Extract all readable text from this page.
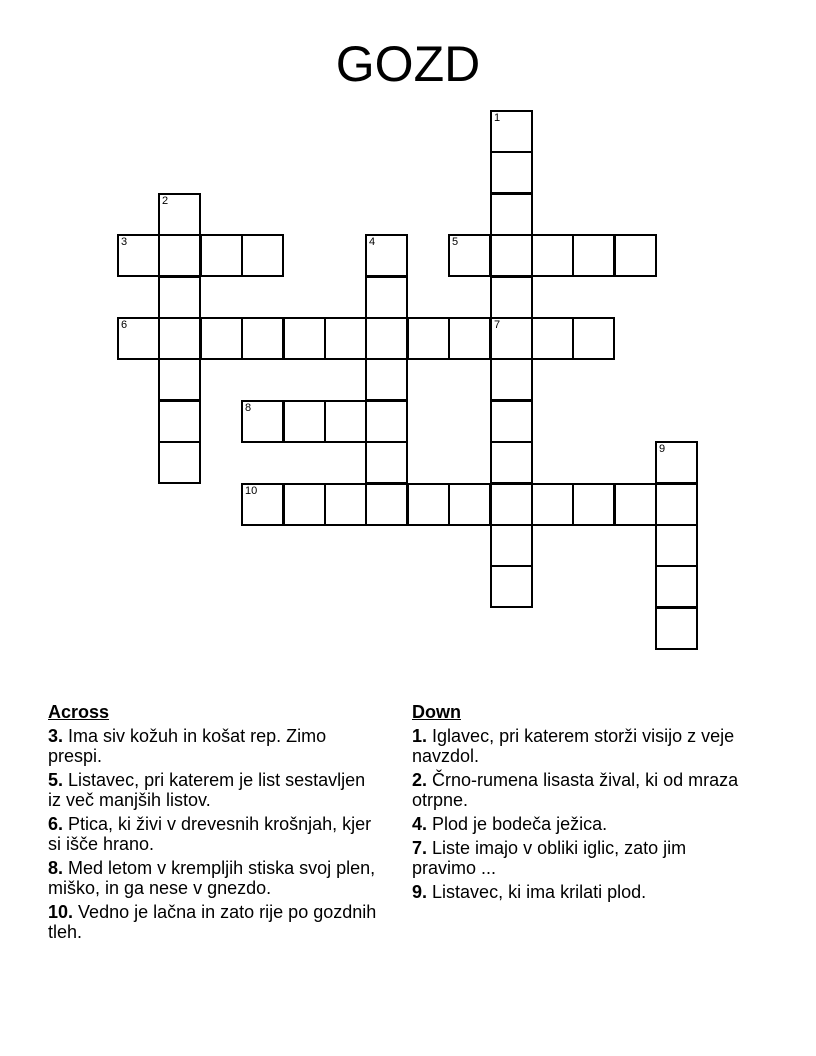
GOZD
1
7
2
3	4	5
6
8
9
10
Across
3. Ima siv kožuh in košat rep. Zimo prespi.
5. Listavec, pri katerem je list sestavljen iz več manjših listov.
6. Ptica, ki živi v drevesnih krošnjah, kjer si išče hrano.
8. Med letom v krempljih stiska svoj plen, miško, in ga nese v gnezdo.
10. Vedno je lačna in zato rije po gozdnih tleh.
Down
1. Iglavec, pri katerem storži visijo z veje navzdol.
2. Črno-rumena lisasta žival, ki od mraza otrpne.
4. Plod je bodeča ježica.
7. Liste imajo v obliki iglic, zato jim pravimo ...
9. Listavec, ki ima krilati plod.
